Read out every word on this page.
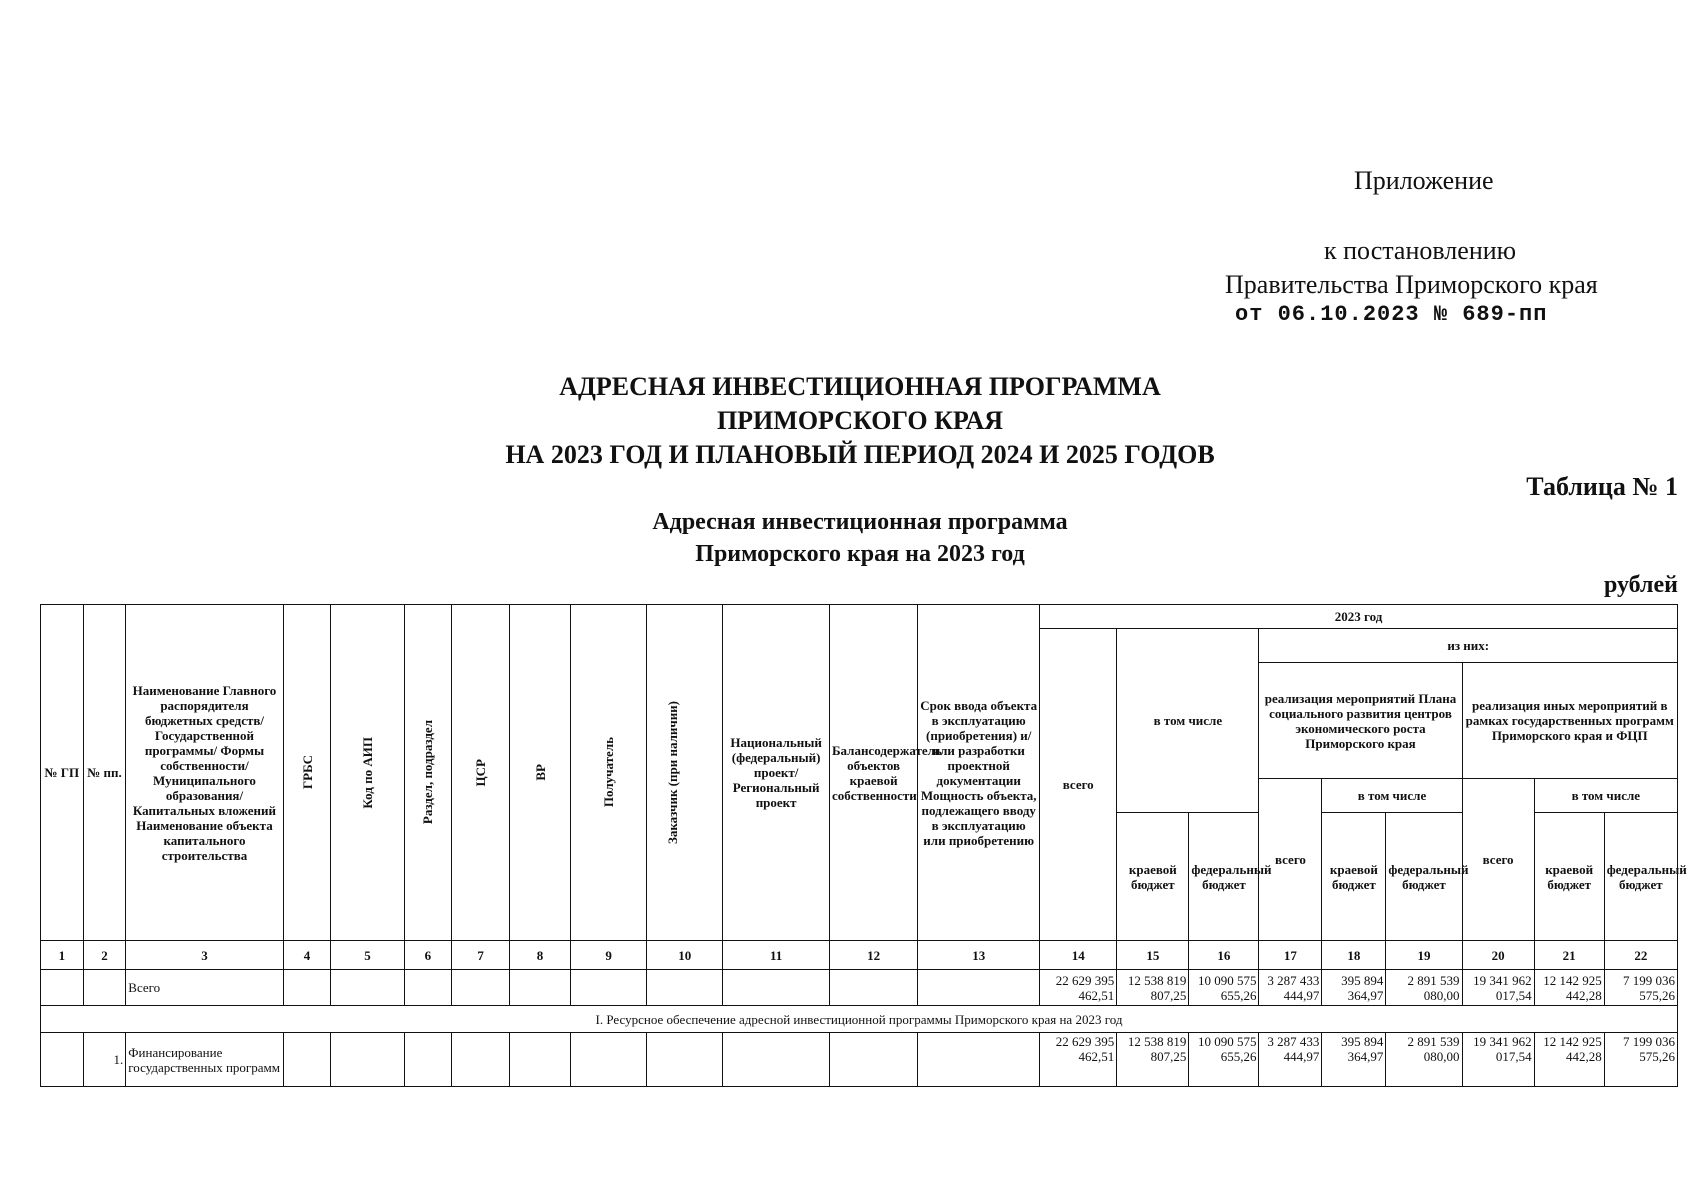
Приложение
к постановлению
Правительства Приморского края
от 06.10.2023 № 689-пп
АДРЕСНАЯ ИНВЕСТИЦИОННАЯ ПРОГРАММА
ПРИМОРСКОГО КРАЯ
НА 2023 ГОД И ПЛАНОВЫЙ ПЕРИОД 2024 И 2025 ГОДОВ
Таблица № 1
Адресная инвестиционная программа
Приморского края на 2023 год
рублей
№ ГП	№ пп.	Наименование Главного распорядителя бюджетных средств/Государственной программы/ Формы собственности/Муниципального образования/Капитальных вложений Наименование объекта капитального строительства	ГРБС	Код по АИП	Раздел, подраздел	ЦСР	ВР	Получатель	Заказчик (при наличии)	Национальный (федеральный) проект/ Региональный проект	Балансодержатель объектов краевой собственности	Срок ввода объекта в эксплуатацию (приобретения) и/или разработки проектной документации Мощность объекта, подлежащего вводу в эксплуатацию или приобретению	2023 год								
													всего	в том числе		из них:					
																реализация мероприятий Плана социального развития центров экономического роста Приморского края			реализация иных мероприятий в рамках государственных программ Приморского края и ФЦП		
																всего	в том числе		всего	в том числе	
														краевой бюджет	федеральный бюджет		краевой бюджет	федеральный бюджет		краевой бюджет	федеральный бюджет
1	2	3	4	5	6	7	8	9	10	11	12	13	14	15	16	17	18	19	20	21	22
		Всего											22 629 395 462,51	12 538 819 807,25	10 090 575 655,26	3 287 433 444,97	395 894 364,97	2 891 539 080,00	19 341 962 017,54	12 142 925 442,28	7 199 036 575,26
I. Ресурсное обеспечение адресной инвестиционной программы Приморского края на 2023 год																					
	1.	Финансирование государственных программ											22 629 395 462,51	12 538 819 807,25	10 090 575 655,26	3 287 433 444,97	395 894 364,97	2 891 539 080,00	19 341 962 017,54	12 142 925 442,28	7 199 036 575,26
